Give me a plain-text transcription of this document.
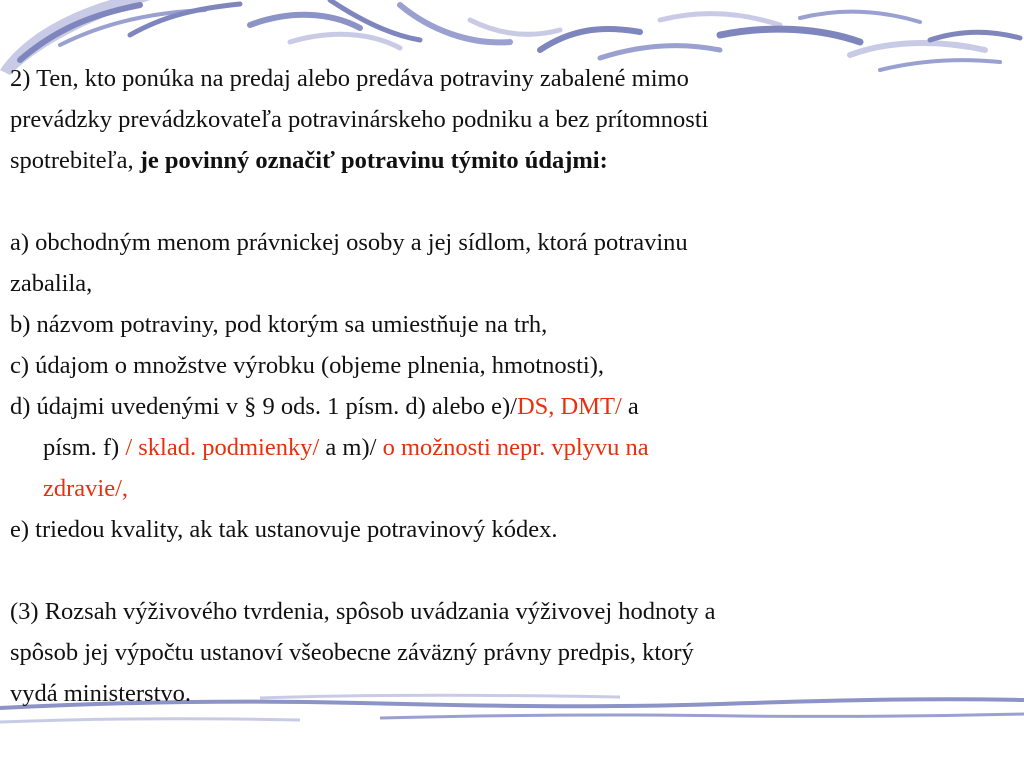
2) Ten, kto ponúka na predaj alebo predáva potraviny zabalené mimo
prevádzky prevádzkovateľa potravinárskeho podniku a bez prítomnosti
spotrebiteľa, je povinný označiť potravinu týmito údajmi:
a) obchodným menom právnickej osoby a jej sídlom, ktorá potravinu
zabalila,
b) názvom potraviny, pod ktorým sa umiestňuje na trh,
c) údajom o množstve výrobku (objeme plnenia, hmotnosti),
d) údajmi uvedenými v § 9 ods. 1 písm. d) alebo e)/DS, DMT/ a
písm. f) / sklad. podmienky/ a m)/ o možnosti nepr. vplyvu na
zdravie/,
e) triedou kvality, ak tak ustanovuje potravinový kódex.
(3) Rozsah výživového tvrdenia, spôsob uvádzania výživovej hodnoty a
spôsob jej výpočtu ustanoví všeobecne záväzný právny predpis, ktorý
vydá ministerstvo.
